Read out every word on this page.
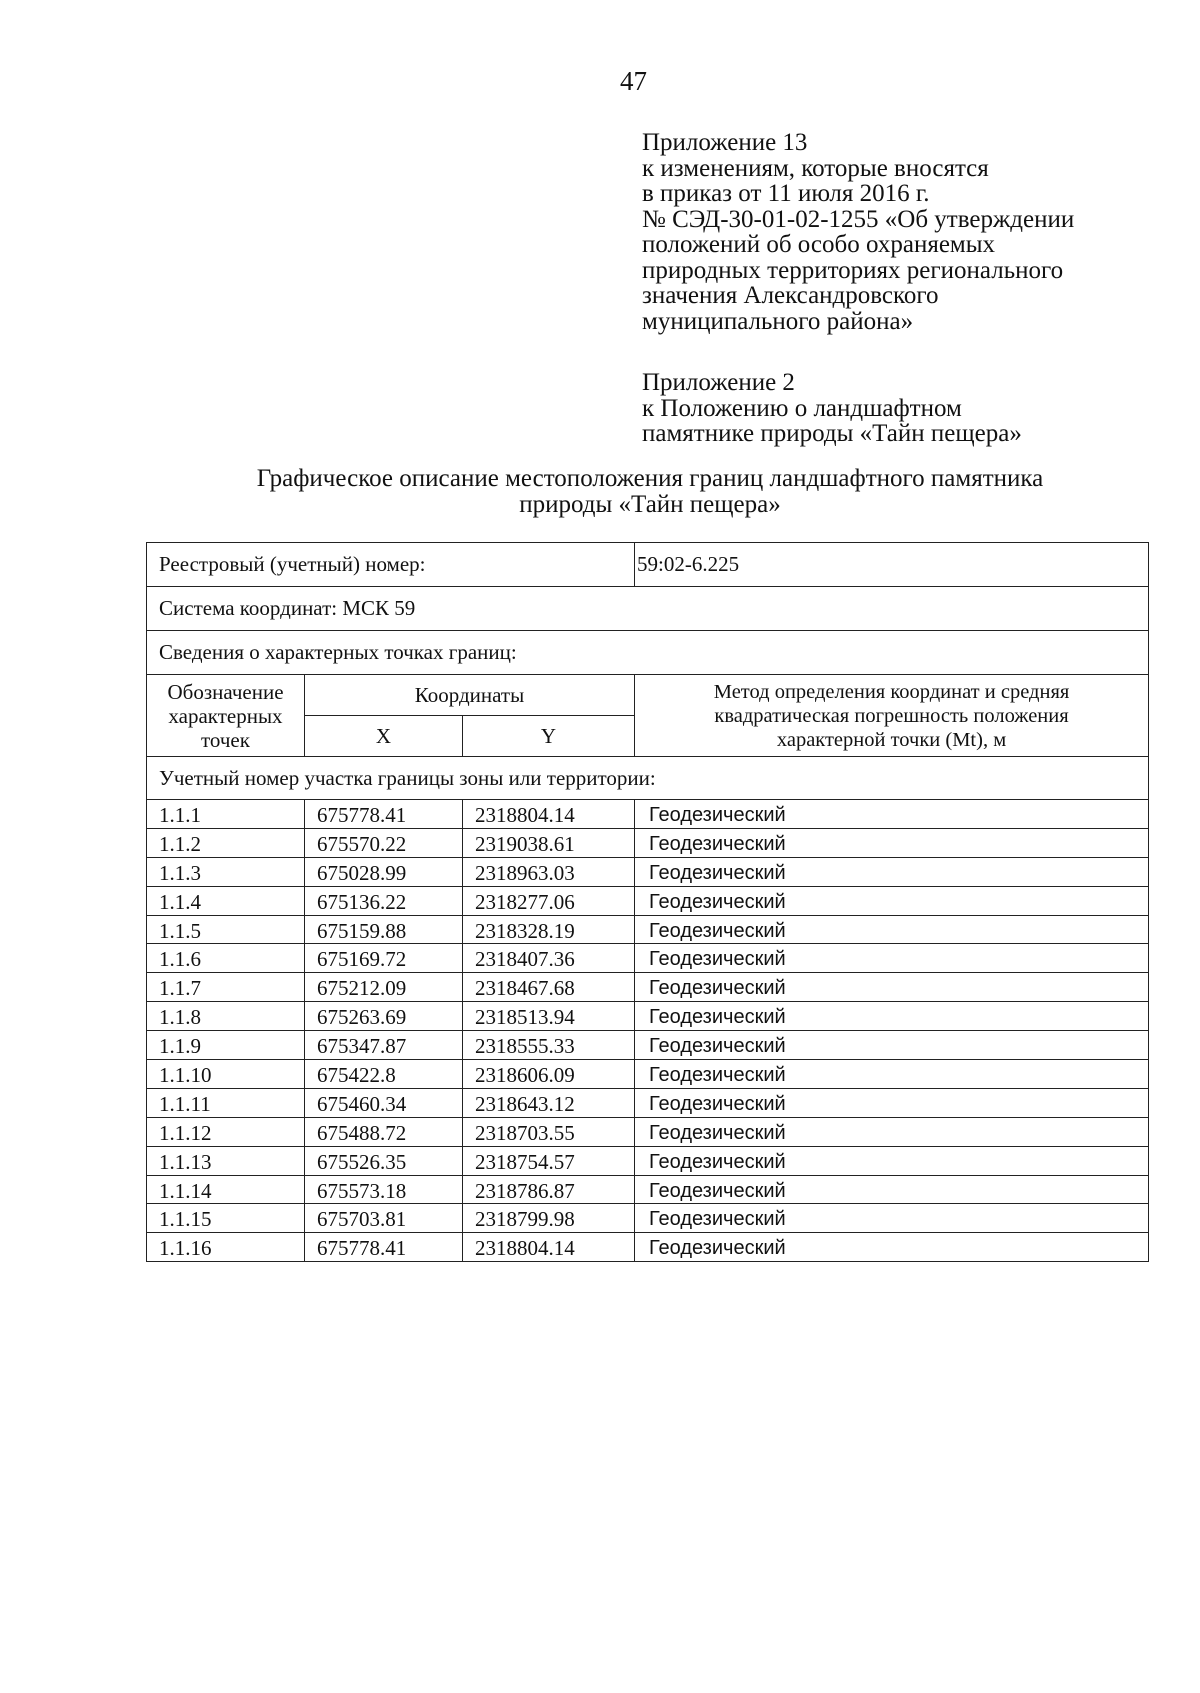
47
Приложение 13
к изменениям, которые вносятся
в приказ от 11 июля 2016 г.
№ СЭД-30-01-02-1255 «Об утверждении
положений об особо охраняемых
природных территориях регионального
значения Александровского
муниципального района»
Приложение 2
к Положению о ландшафтном
памятнике природы «Тайн пещера»
Графическое описание местоположения границ ландшафтного памятника
природы «Тайн пещера»
Реестровый (учетный) номер:			59:02-6.225
Система координат: МСК 59			
Сведения о характерных точках границ:			
Обозначение характерных точек	Координаты		Метод определения координат и средняя квадратическая погрешность положения характерной точки (Mt), м
	X	Y	
Учетный номер участка границы зоны или территории:			
1.1.1	675778.41	2318804.14	Геодезический
1.1.2	675570.22	2319038.61	Геодезический
1.1.3	675028.99	2318963.03	Геодезический
1.1.4	675136.22	2318277.06	Геодезический
1.1.5	675159.88	2318328.19	Геодезический
1.1.6	675169.72	2318407.36	Геодезический
1.1.7	675212.09	2318467.68	Геодезический
1.1.8	675263.69	2318513.94	Геодезический
1.1.9	675347.87	2318555.33	Геодезический
1.1.10	675422.8	2318606.09	Геодезический
1.1.11	675460.34	2318643.12	Геодезический
1.1.12	675488.72	2318703.55	Геодезический
1.1.13	675526.35	2318754.57	Геодезический
1.1.14	675573.18	2318786.87	Геодезический
1.1.15	675703.81	2318799.98	Геодезический
1.1.16	675778.41	2318804.14	Геодезический
